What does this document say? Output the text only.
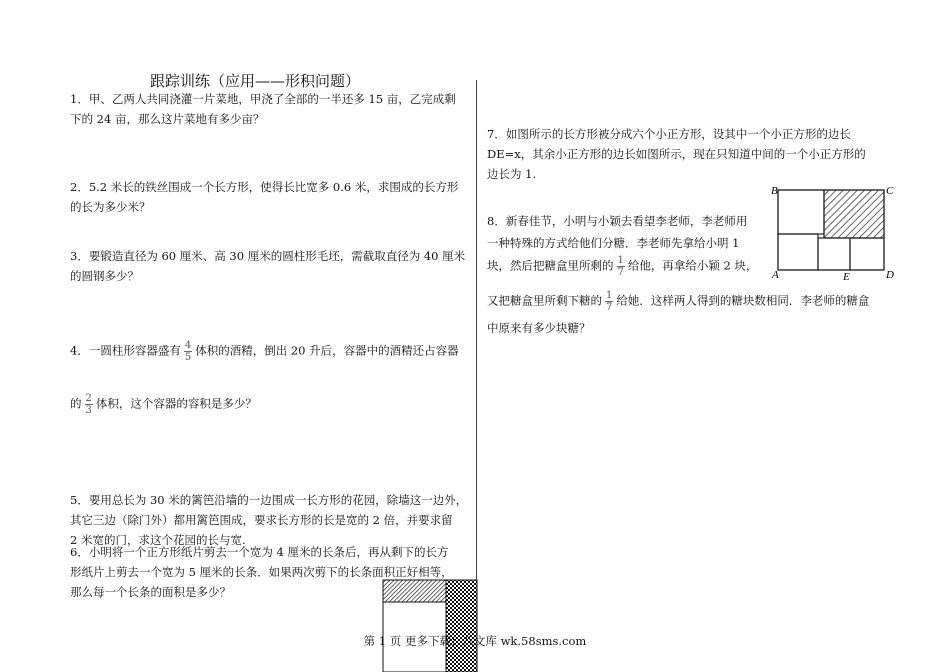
跟踪训练（应用——形积问题）
1．甲、乙两人共同浇灌一片菜地，甲浇了全部的一半还多 15 亩，乙完成剩
下的 24 亩，那么这片菜地有多少亩？
2．5.2 米长的铁丝围成一个长方形，使得长比宽多 0.6 米，求围成的长方形
的长为多少米？
3．要锻造直径为 60 厘米、高 30 厘米的圆柱形毛坯，需截取直径为 40 厘米
的圆钢多少？
4．一圆柱形容器盛有 $\frac{4}{5}$ 体积的酒精，倒出 20 升后，容器中的酒精还占容器
的 $\frac{2}{3}$ 体积，这个容器的容积是多少？
5．要用总长为 30 米的篱笆沿墙的一边围成一长方形的花园，除墙这一边外，
其它三边（除门外）都用篱笆围成，要求长方形的长是宽的 2 倍，并要求留
2 米宽的门，求这个花园的长与宽.
6．小明将一个正方形纸片剪去一个宽为 4 厘米的长条后，再从剩下的长方
形纸片上剪去一个宽为 5 厘米的长条．如果两次剪下的长条面积正好相等，
那么每一个长条的面积是多少？
7．如图所示的长方形被分成六个小正方形，设其中一个小正方形的边长
DE=x，其余小正方形的边长如图所示，现在只知道中间的一个小正方形的
边长为 1.
8．新春佳节，小明与小颖去看望李老师，李老师用
一种特殊的方式给他们分糖．李老师先拿给小明 1
块，然后把糖盒里所剩的 $\frac{1}{7}$ 给他，再拿给小颖 2 块，
又把糖盒里所剩下糖的 $\frac{1}{7}$ 给她．这样两人得到的糖块数相同．李老师的糖盒
中原来有多少块糖？
B	C
A	E	D
第 1 页 更多下载：八文库 wk.58sms.com
